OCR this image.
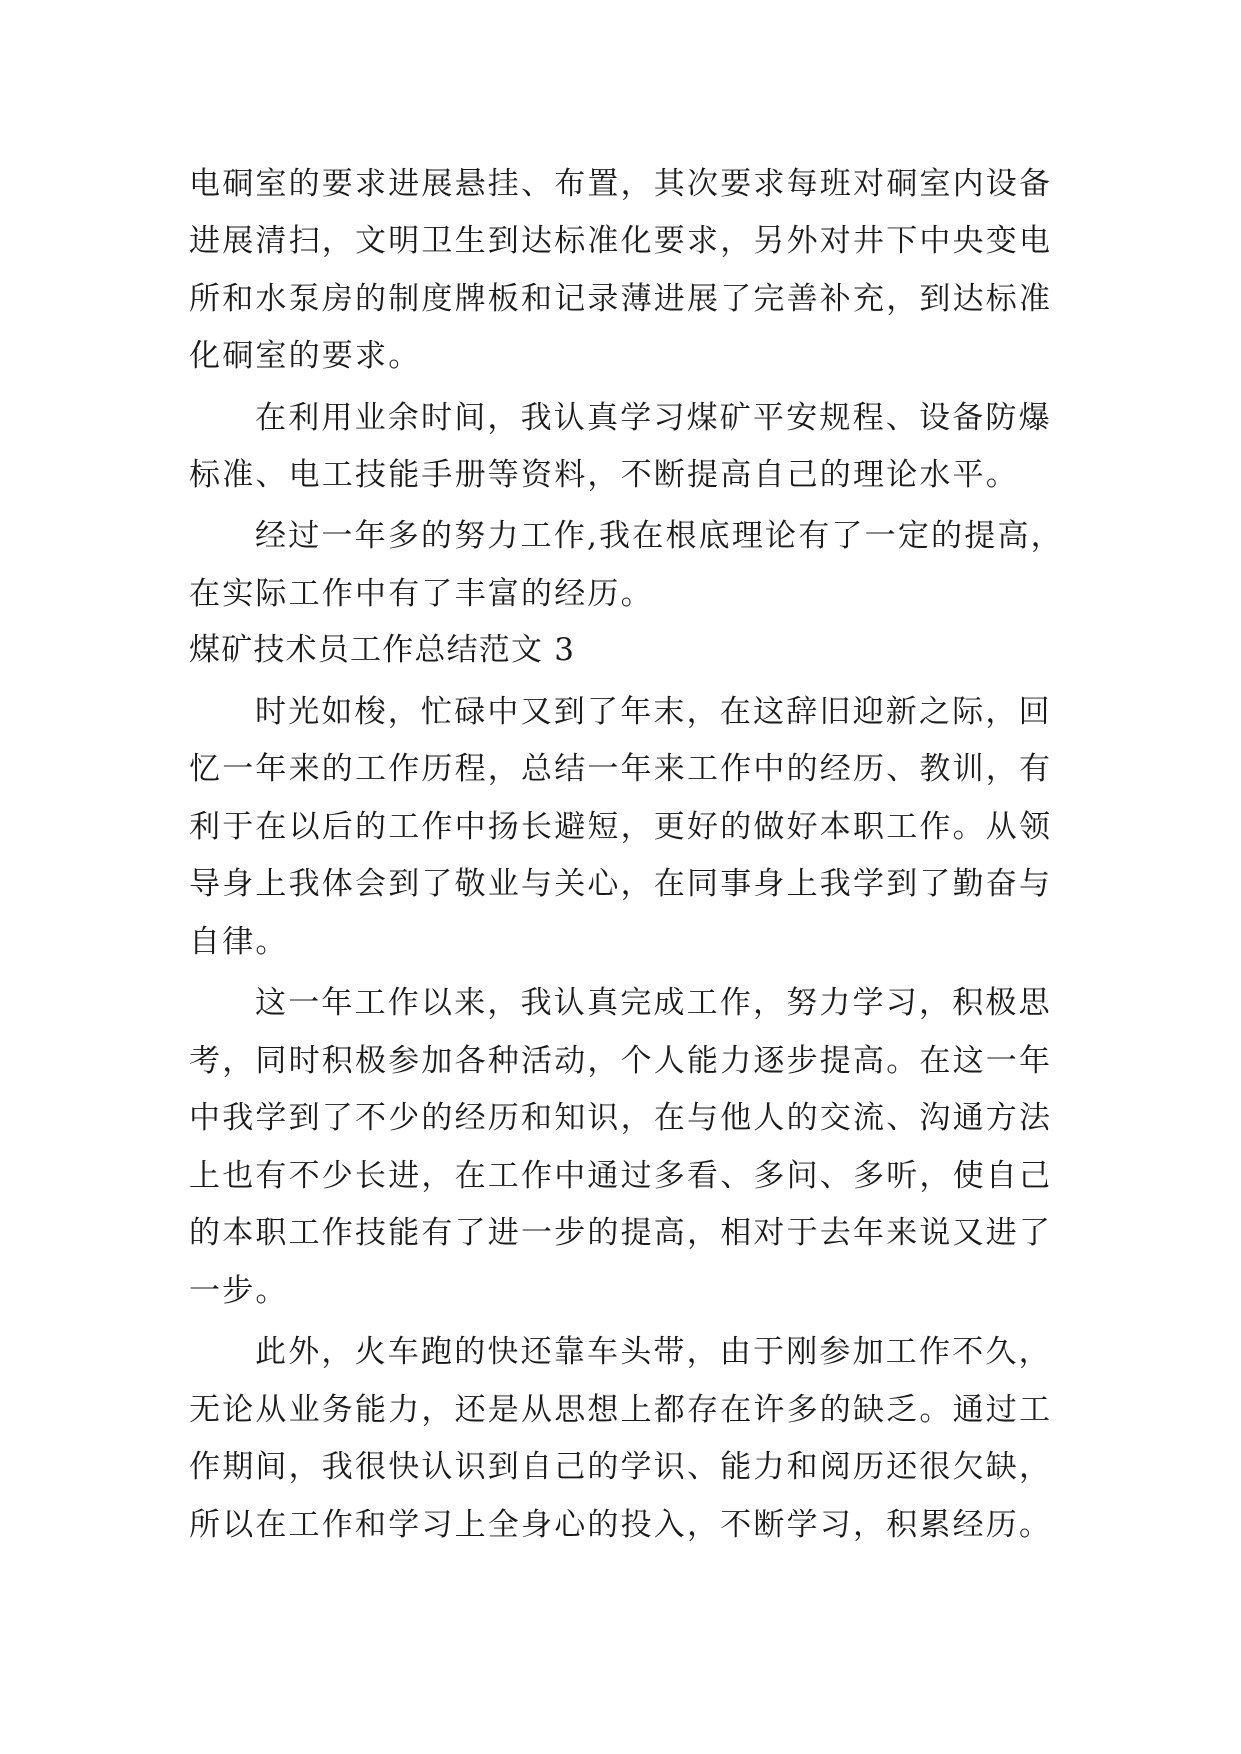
电硐室的要求进展悬挂、布置，其次要求每班对硐室内设备
进展清扫，文明卫生到达标准化要求，另外对井下中央变电
所和水泵房的制度牌板和记录薄进展了完善补充，到达标准
化硐室的要求。
在利用业余时间，我认真学习煤矿平安规程、设备防爆
标准、电工技能手册等资料，不断提高自己的理论水平。
经过一年多的努力工作,我在根底理论有了一定的提高，
在实际工作中有了丰富的经历。
煤矿技术员工作总结范文 3
时光如梭，忙碌中又到了年末，在这辞旧迎新之际，回
忆一年来的工作历程，总结一年来工作中的经历、教训，有
利于在以后的工作中扬长避短，更好的做好本职工作。从领
导身上我体会到了敬业与关心，在同事身上我学到了勤奋与
自律。
这一年工作以来，我认真完成工作，努力学习，积极思
考，同时积极参加各种活动，个人能力逐步提高。在这一年
中我学到了不少的经历和知识，在与他人的交流、沟通方法
上也有不少长进，在工作中通过多看、多问、多听，使自己
的本职工作技能有了进一步的提高，相对于去年来说又进了
一步。
此外，火车跑的快还靠车头带，由于刚参加工作不久，
无论从业务能力，还是从思想上都存在许多的缺乏。通过工
作期间，我很快认识到自己的学识、能力和阅历还很欠缺，
所以在工作和学习上全身心的投入，不断学习，积累经历。
